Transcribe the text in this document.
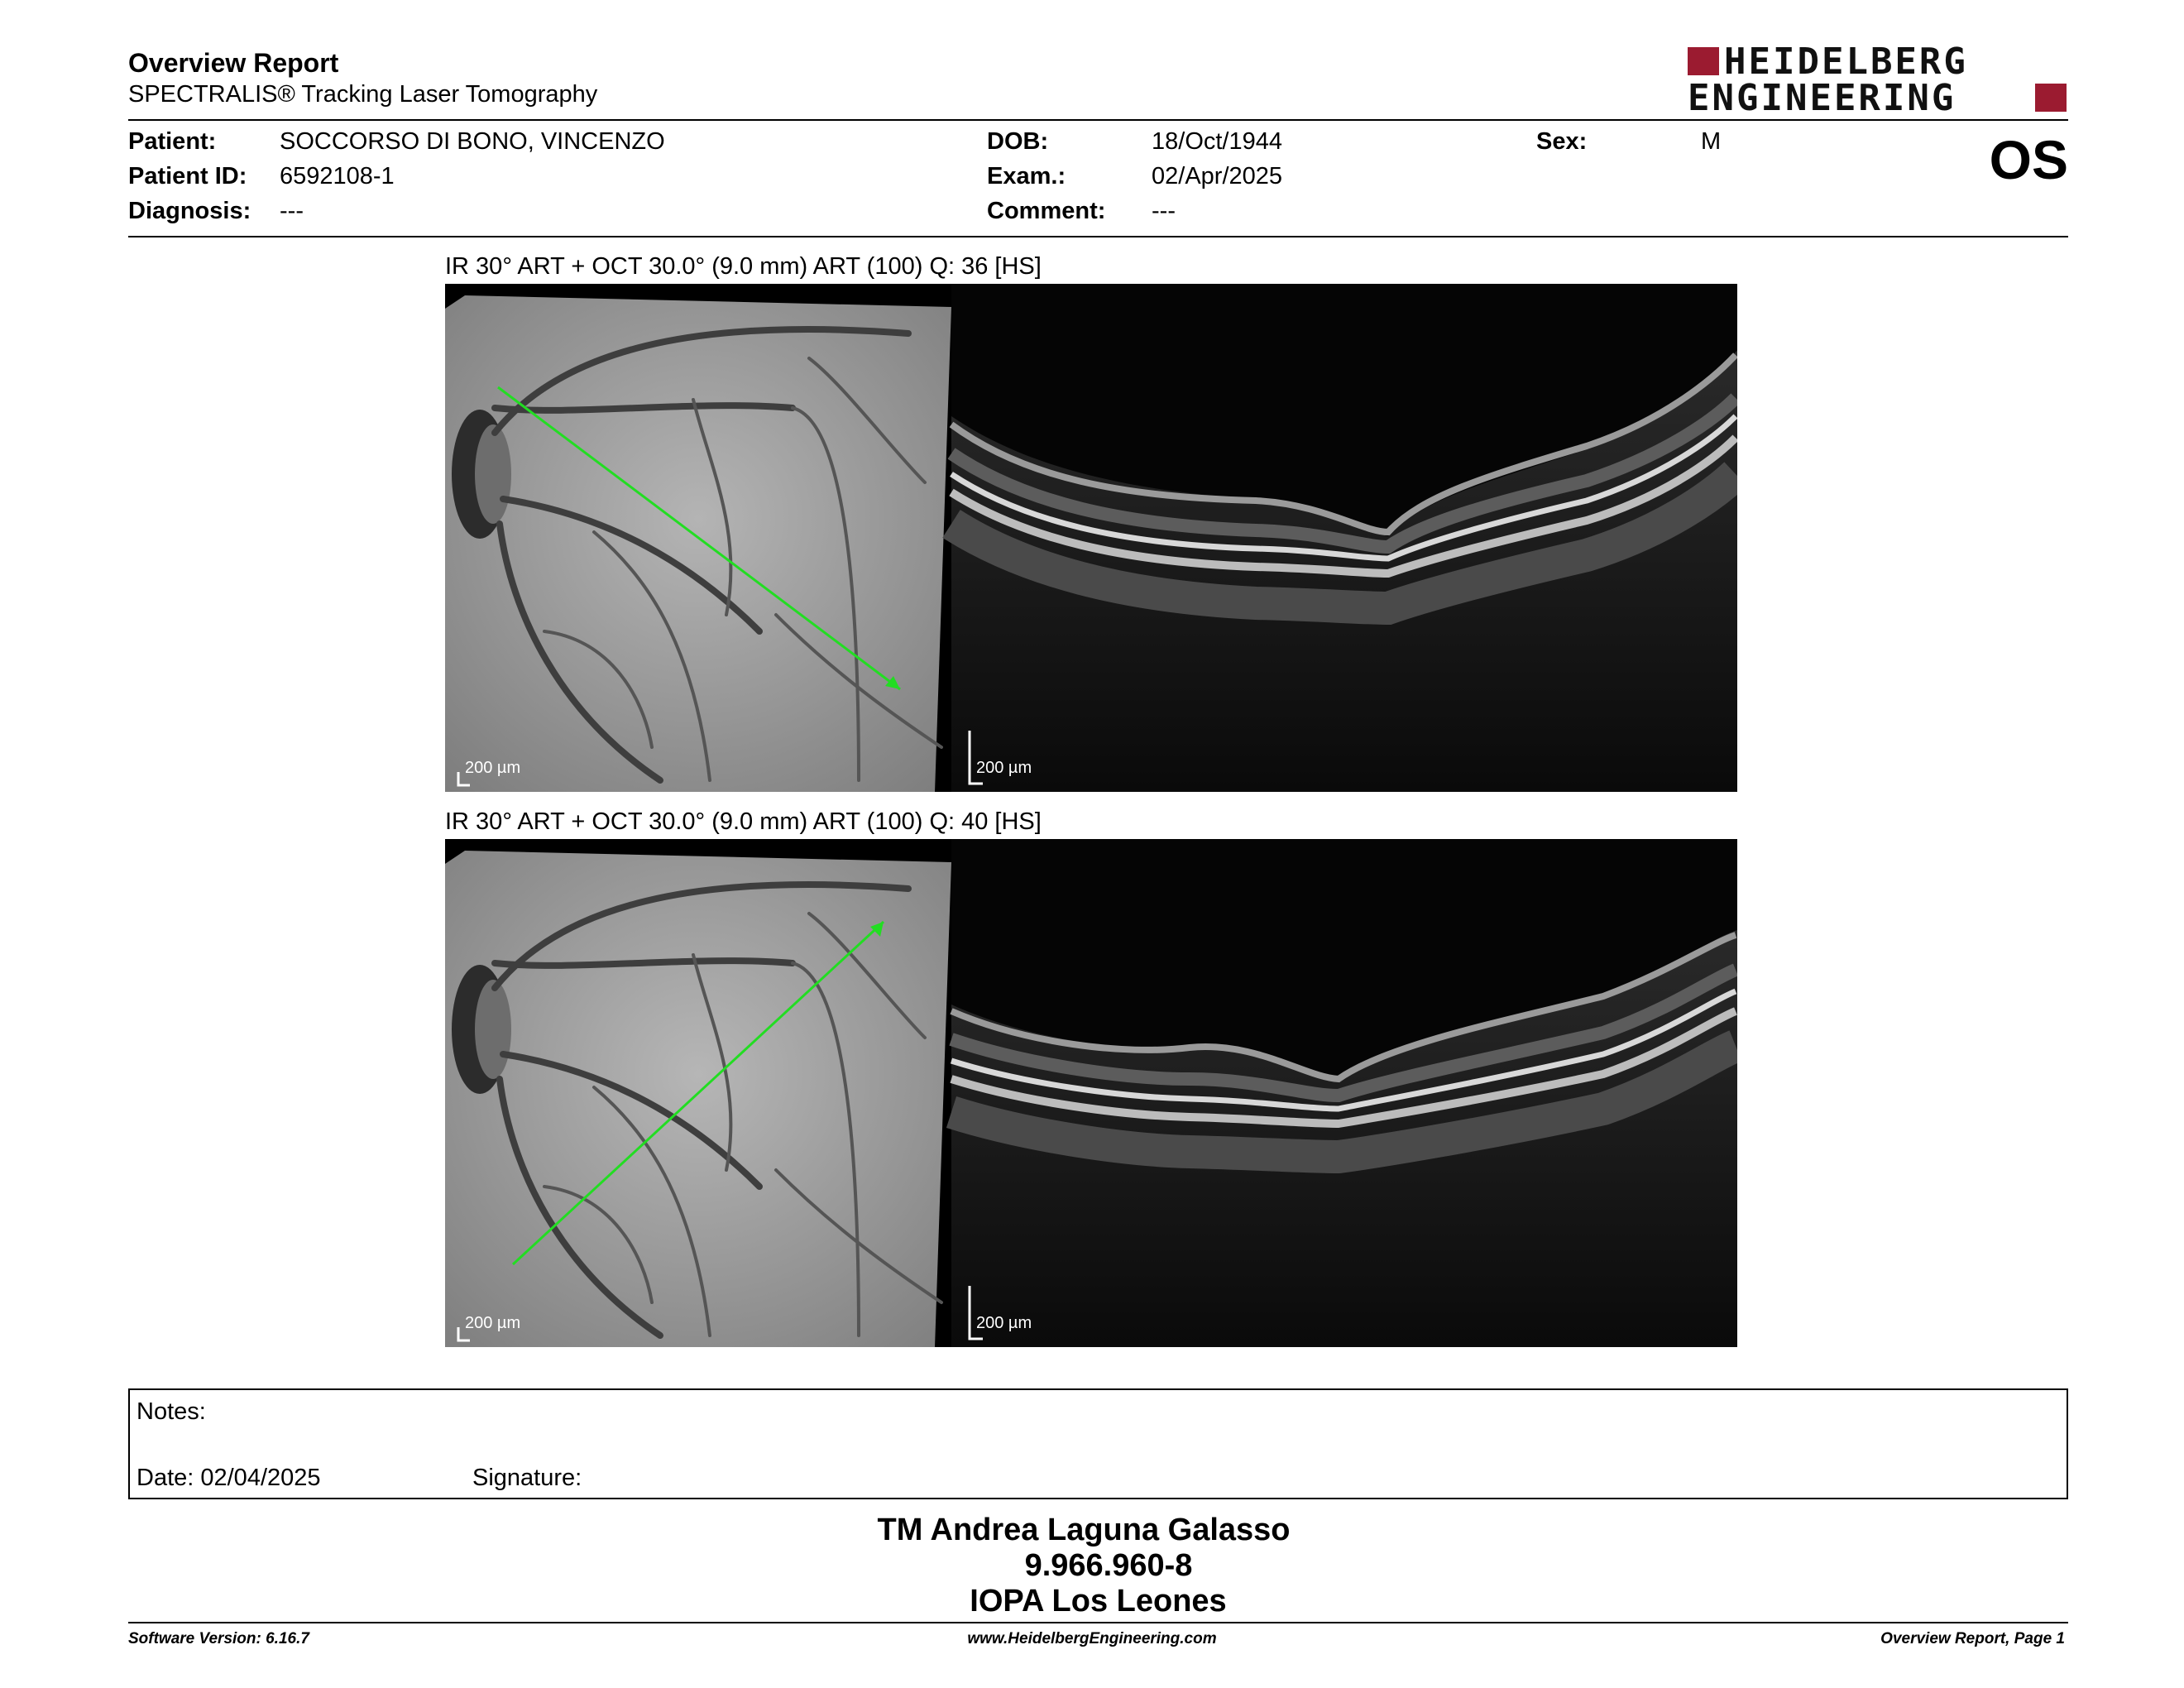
Overview Report
SPECTRALIS® Tracking Laser Tomography
HEIDELBERG
ENGINEERING
Patient:	SOCCORSO DI BONO, VINCENZO
Patient ID: 6592108-1
Diagnosis: ---
DOB:	18/Oct/1944
Exam.:	02/Apr/2025
Comment: ---
Sex:	M	OS
IR 30° ART + OCT 30.0° (9.0 mm) ART (100) Q: 36 [HS]
200 µm	200 µm
IR 30° ART + OCT 30.0° (9.0 mm) ART (100) Q: 40 [HS]
200 µm	200 µm
Notes:
Date: 02/04/2025	Signature:
TM Andrea Laguna Galasso
9.966.960-8
IOPA Los Leones
Software Version: 6.16.7	www.HeidelbergEngineering.com	Overview Report, Page 1
